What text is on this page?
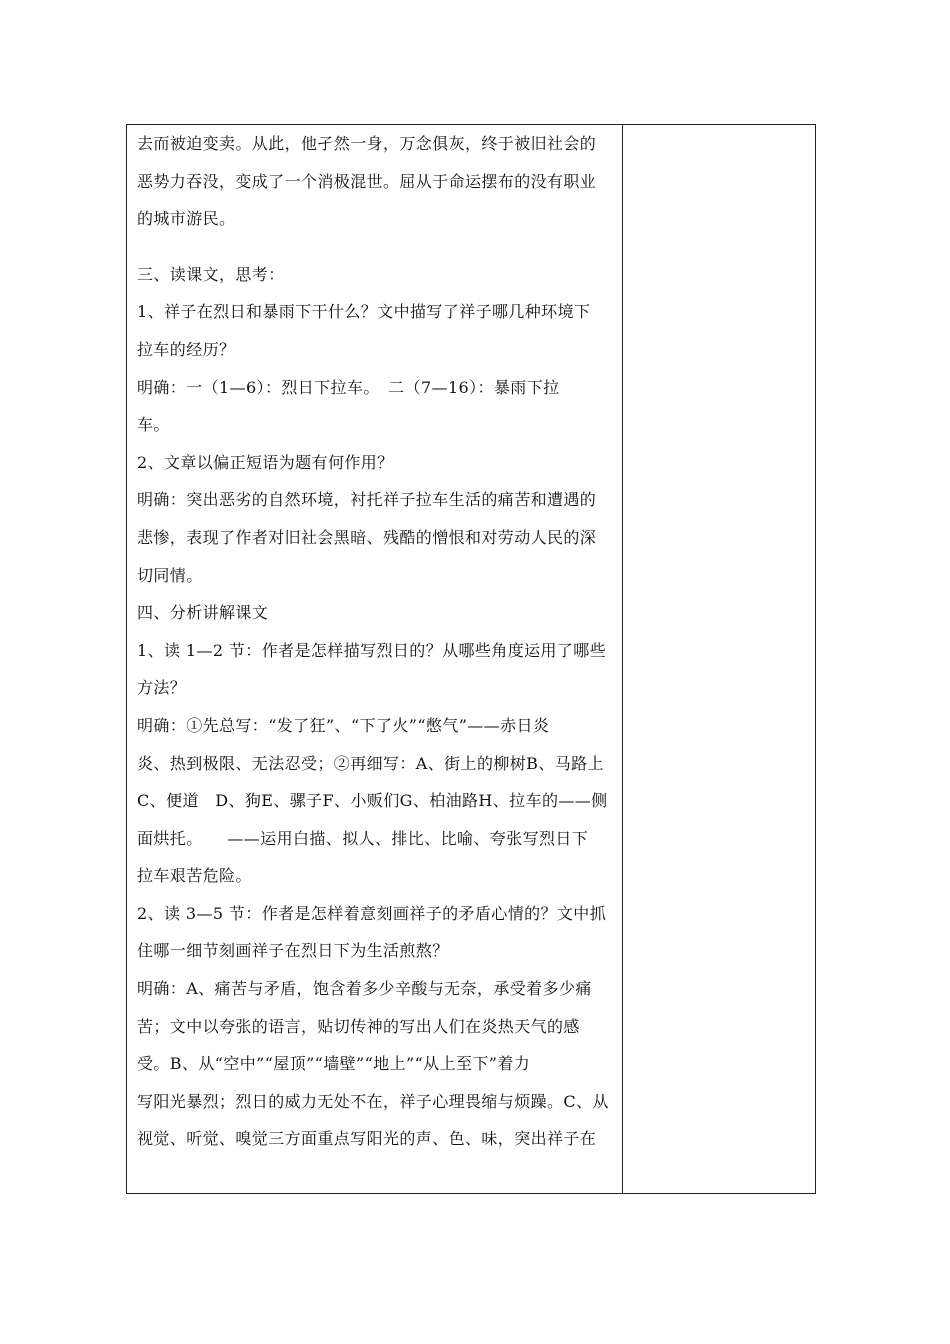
去而被迫变卖。从此，他孑然一身，万念俱灰，终于被旧社会的
恶势力吞没，变成了一个消极混世。屈从于命运摆布的没有职业
的城市游民。
三、读课文，思考：
1、祥子在烈日和暴雨下干什么？文中描写了祥子哪几种环境下
拉车的经历？
明确：一（1—6）：烈日下拉车。　二（7—16）：暴雨下拉
车。
2、文章以偏正短语为题有何作用？
明确：突出恶劣的自然环境，衬托祥子拉车生活的痛苦和遭遇的
悲惨，表现了作者对旧社会黑暗、残酷的憎恨和对劳动人民的深
切同情。
四、分析讲解课文
1、读 1—2 节：作者是怎样描写烈日的？从哪些角度运用了哪些
方法？
明确：①先总写：“发了狂”、“下了火”“憋气”——赤日炎
炎、热到极限、无法忍受；②再细写：A、街上的柳树B、马路上
C、便道　D、狗E、骡子F、小贩们G、柏油路H、拉车的——侧
面烘托。　　——运用白描、拟人、排比、比喻、夸张写烈日下
拉车艰苦危险。
2、读 3—5 节：作者是怎样着意刻画祥子的矛盾心情的？文中抓
住哪一细节刻画祥子在烈日下为生活煎熬？
明确：A、痛苦与矛盾，饱含着多少辛酸与无奈，承受着多少痛
苦；文中以夸张的语言，贴切传神的写出人们在炎热天气的感
受。B、从“空中”“屋顶”“墙壁”“地上”“从上至下”着力
写阳光暴烈；烈日的威力无处不在，祥子心理畏缩与烦躁。C、从
视觉、听觉、嗅觉三方面重点写阳光的声、色、味，突出祥子在
